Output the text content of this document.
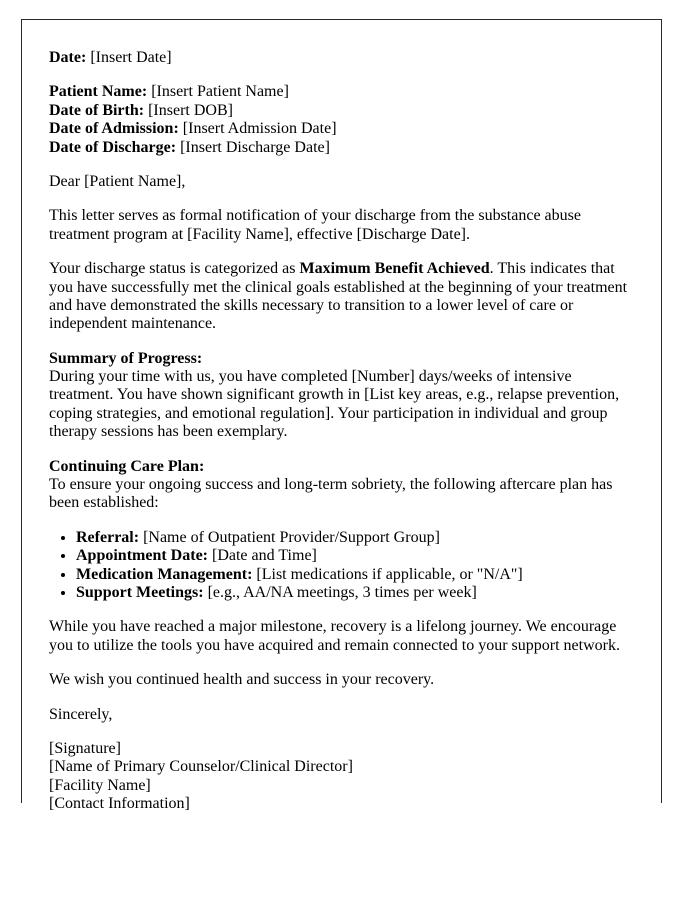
Date: [Insert Date]

Patient Name: [Insert Patient Name]
Date of Birth: [Insert DOB]
Date of Admission: [Insert Admission Date]
Date of Discharge: [Insert Discharge Date]

Dear [Patient Name],

This letter serves as formal notification of your discharge from the substance abuse treatment program at [Facility Name], effective [Discharge Date].

Your discharge status is categorized as Maximum Benefit Achieved. This indicates that you have successfully met the clinical goals established at the beginning of your treatment and have demonstrated the skills necessary to transition to a lower level of care or independent maintenance.

Summary of Progress:
During your time with us, you have completed [Number] days/weeks of intensive treatment. You have shown significant growth in [List key areas, e.g., relapse prevention, coping strategies, and emotional regulation]. Your participation in individual and group therapy sessions has been exemplary.

Continuing Care Plan:
To ensure your ongoing success and long-term sobriety, the following aftercare plan has been established:

• Referral: [Name of Outpatient Provider/Support Group]
• Appointment Date: [Date and Time]
• Medication Management: [List medications if applicable, or "N/A"]
• Support Meetings: [e.g., AA/NA meetings, 3 times per week]

While you have reached a major milestone, recovery is a lifelong journey. We encourage you to utilize the tools you have acquired and remain connected to your support network.

We wish you continued health and success in your recovery.

Sincerely,

[Signature]
[Name of Primary Counselor/Clinical Director]
[Facility Name]
[Contact Information]
